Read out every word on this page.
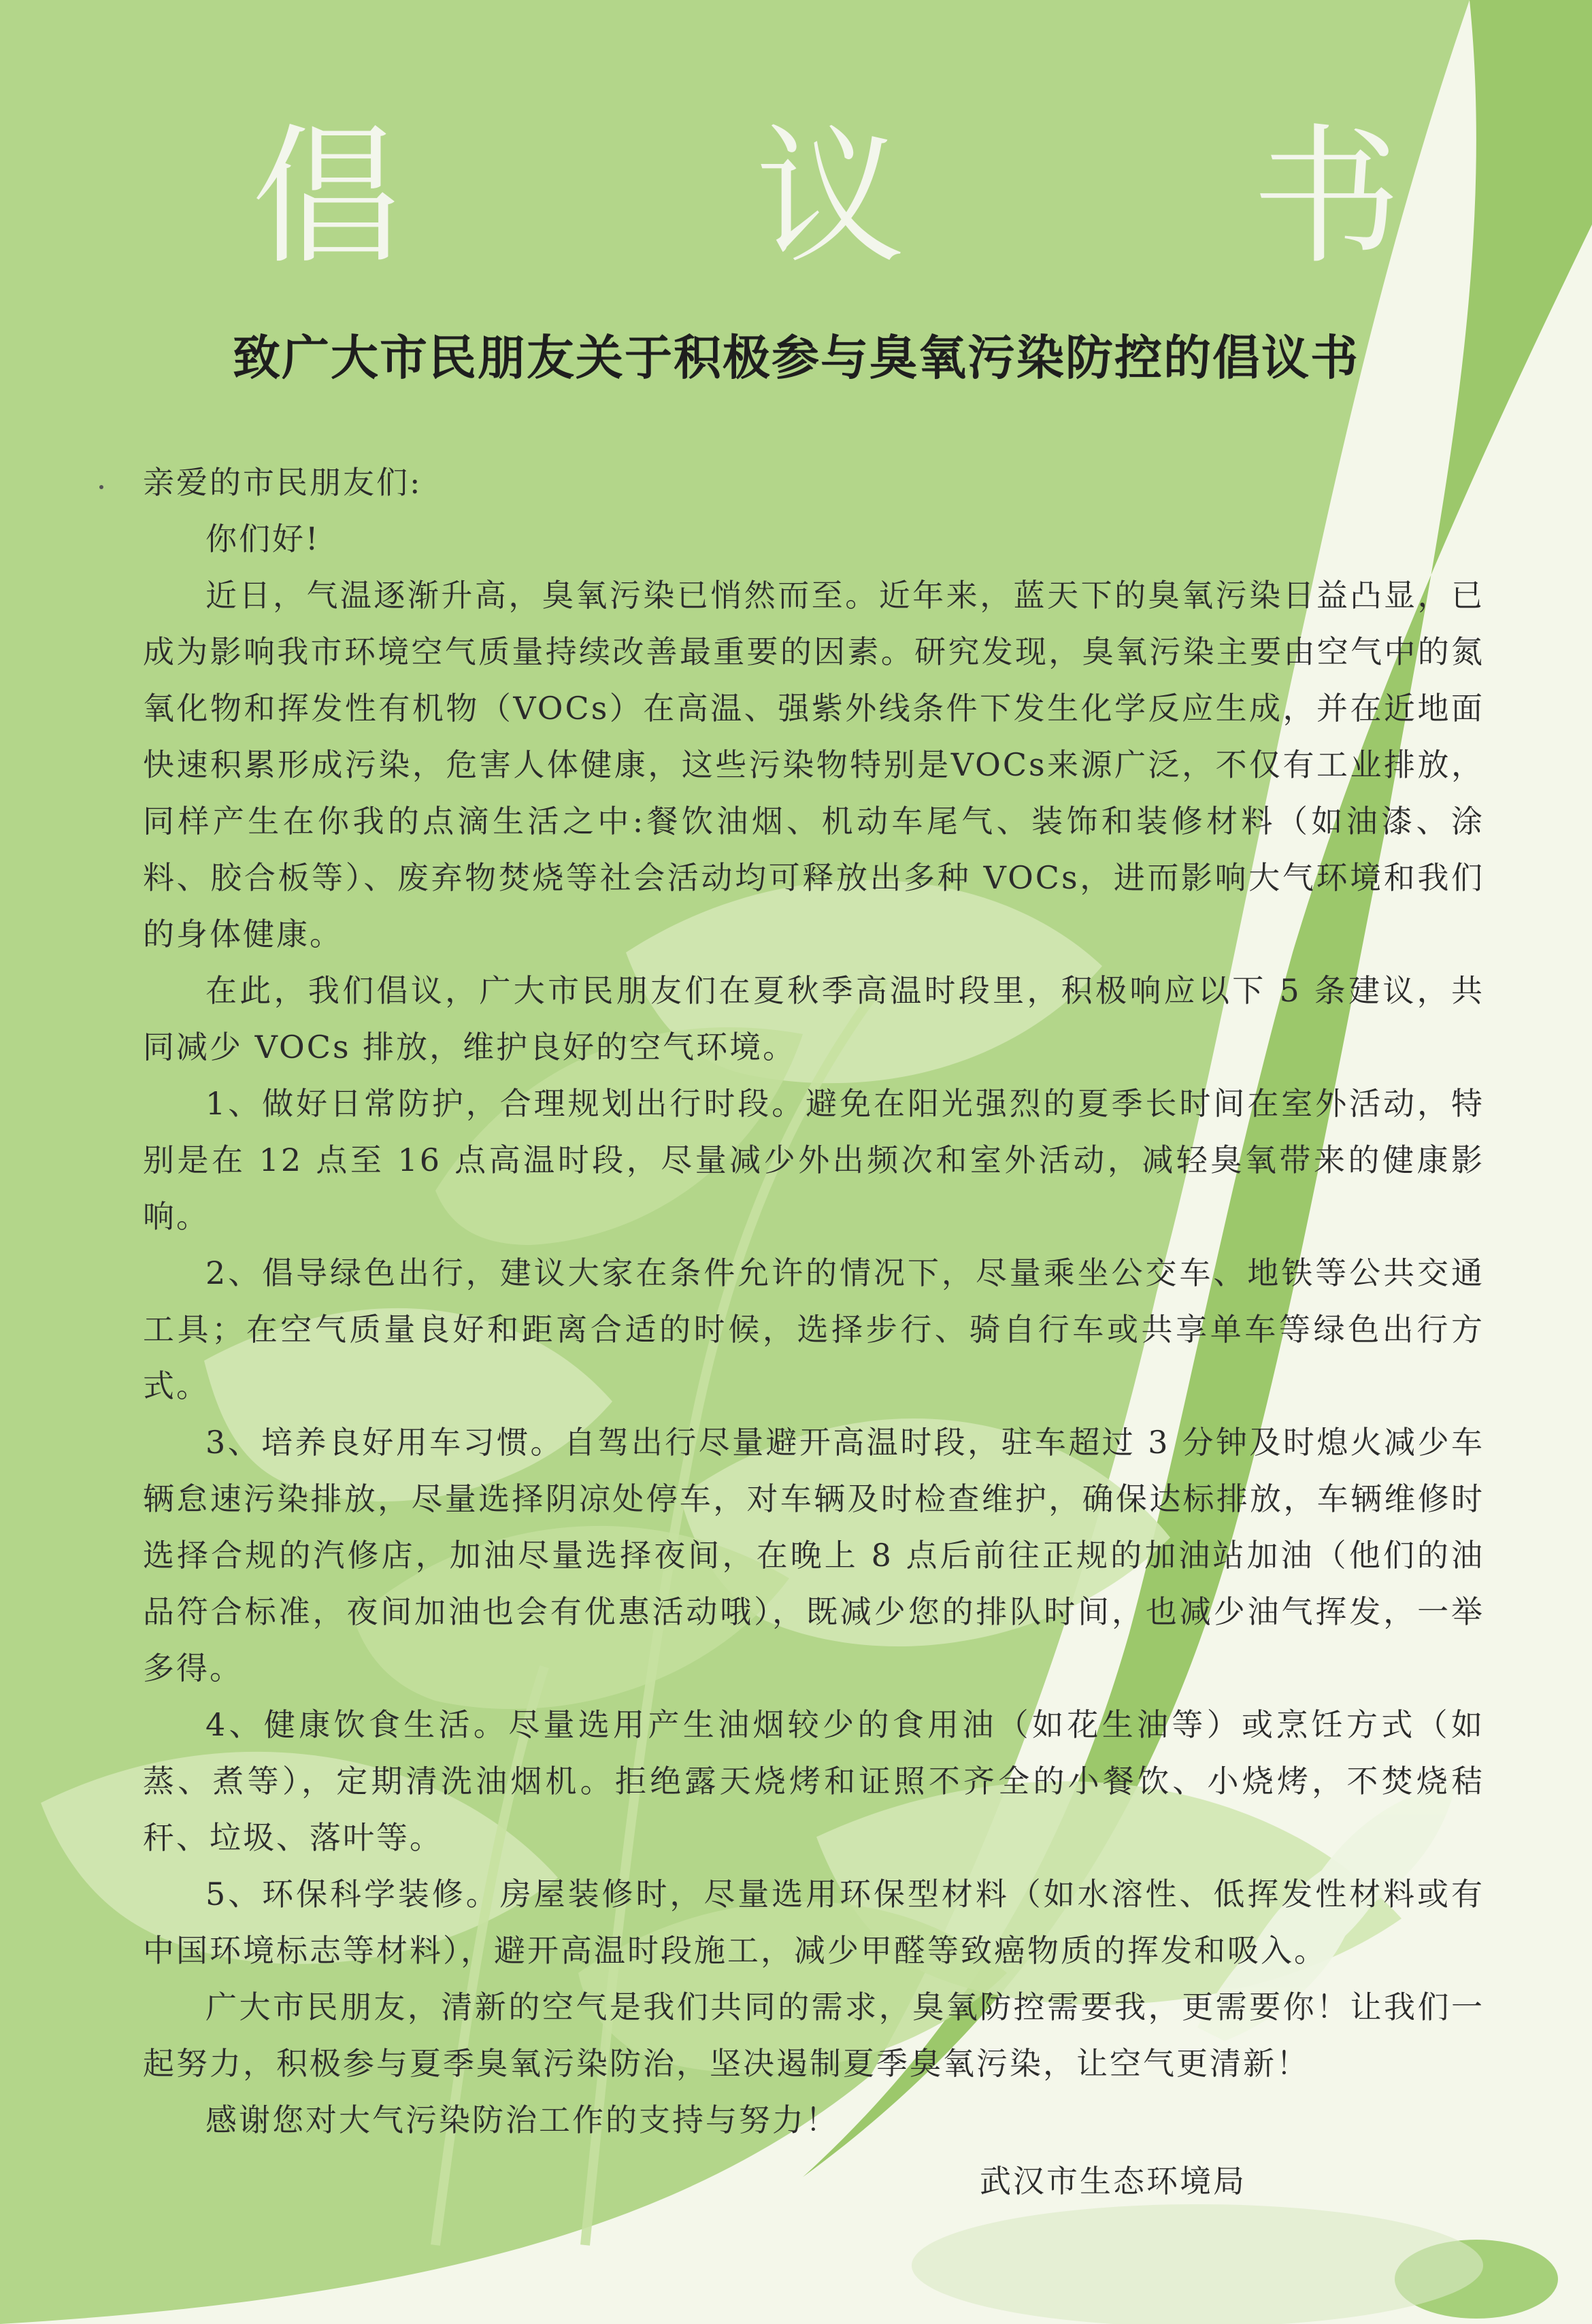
倡 议 书
致广大市民朋友关于积极参与臭氧污染防控的倡议书

亲爱的市民朋友们:

你们好!

近日，气温逐渐升高，臭氧污染已悄然而至。近年来，蓝天下的臭氧污染日益凸显，已成为影响我市环境空气质量持续改善最重要的因素。研究发现，臭氧污染主要由空气中的氮氧化物和挥发性有机物（VOCs）在高温、强紫外线条件下发生化学反应生成，并在近地面快速积累形成污染，危害人体健康，这些污染物特别是VOCs来源广泛，不仅有工业排放，同样产生在你我的点滴生活之中:餐饮油烟、机动车尾气、装饰和装修材料（如油漆、涂料、胶合板等）、废弃物焚烧等社会活动均可释放出多种 VOCs，进而影响大气环境和我们的身体健康。

在此，我们倡议，广大市民朋友们在夏秋季高温时段里，积极响应以下 5 条建议，共同减少 VOCs 排放，维护良好的空气环境。

1、做好日常防护，合理规划出行时段。避免在阳光强烈的夏季长时间在室外活动，特别是在 12 点至 16 点高温时段，尽量减少外出频次和室外活动，减轻臭氧带来的健康影响。

2、倡导绿色出行，建议大家在条件允许的情况下，尽量乘坐公交车、地铁等公共交通工具；在空气质量良好和距离合适的时候，选择步行、骑自行车或共享单车等绿色出行方式。

3、培养良好用车习惯。自驾出行尽量避开高温时段，驻车超过 3 分钟及时熄火减少车辆怠速污染排放，尽量选择阴凉处停车，对车辆及时检查维护，确保达标排放，车辆维修时选择合规的汽修店，加油尽量选择夜间，在晚上 8 点后前往正规的加油站加油（他们的油品符合标准，夜间加油也会有优惠活动哦），既减少您的排队时间，也减少油气挥发，一举多得。

4、健康饮食生活。尽量选用产生油烟较少的食用油（如花生油等）或烹饪方式（如蒸、煮等），定期清洗油烟机。拒绝露天烧烤和证照不齐全的小餐饮、小烧烤，不焚烧秸秆、垃圾、落叶等。

5、环保科学装修。房屋装修时，尽量选用环保型材料（如水溶性、低挥发性材料或有中国环境标志等材料），避开高温时段施工，减少甲醛等致癌物质的挥发和吸入。

广大市民朋友，清新的空气是我们共同的需求，臭氧防控需要我，更需要你！让我们一起努力，积极参与夏季臭氧污染防治，坚决遏制夏季臭氧污染，让空气更清新！

感谢您对大气污染防治工作的支持与努力！

武汉市生态环境局
